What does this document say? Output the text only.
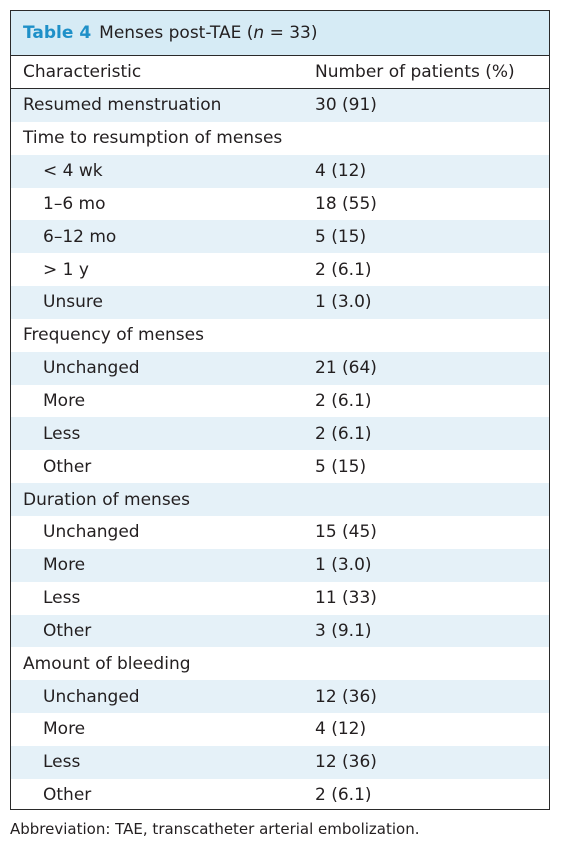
Table 4 Menses post-TAE (n = 33)
Characteristic	Number of patients (%)
Resumed menstruation	30 (91)
Time to resumption of menses
< 4 wk	4 (12)
1–6 mo	18 (55)
6–12 mo	5 (15)
> 1 y	2 (6.1)
Unsure	1 (3.0)
Frequency of menses
Unchanged	21 (64)
More	2 (6.1)
Less	2 (6.1)
Other	5 (15)
Duration of menses
Unchanged	15 (45)
More	1 (3.0)
Less	11 (33)
Other	3 (9.1)
Amount of bleeding
Unchanged	12 (36)
More	4 (12)
Less	12 (36)
Other	2 (6.1)
Abbreviation: TAE, transcatheter arterial embolization.
